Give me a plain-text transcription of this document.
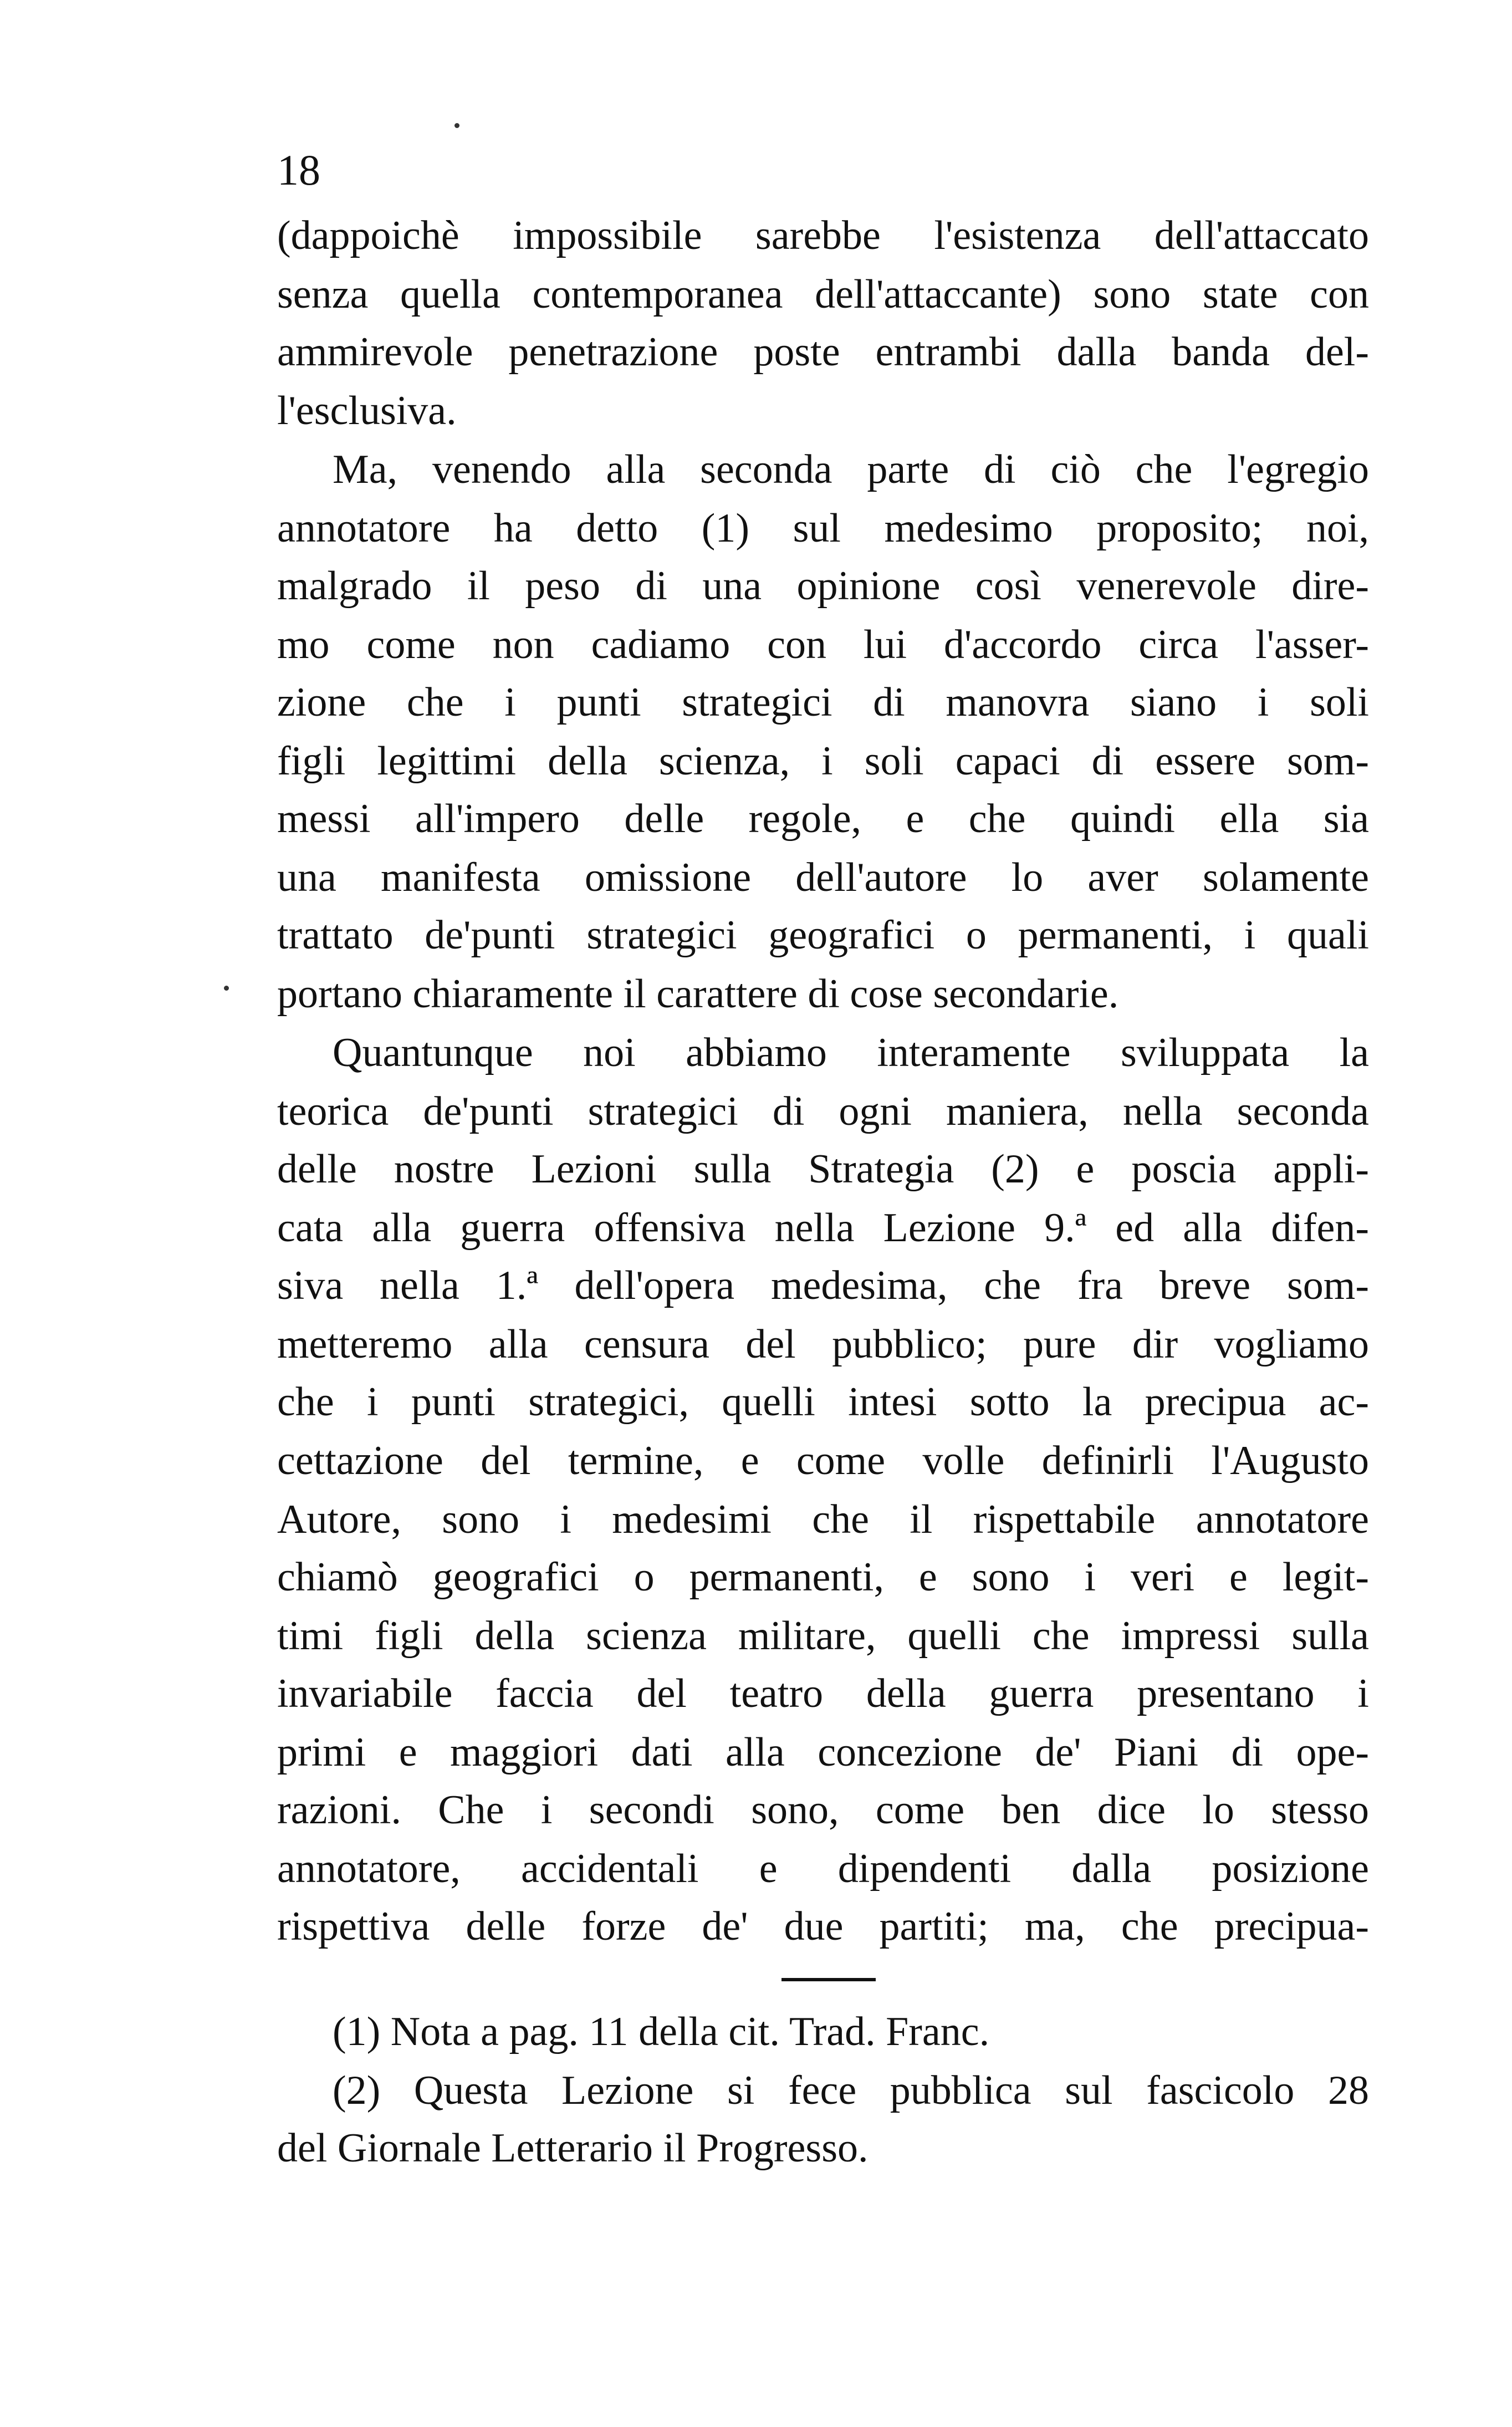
18
(dappoichè impossibile sarebbe l'esistenza dell'attaccato
senza quella contemporanea dell'attaccante) sono state con
ammirevole penetrazione poste entrambi dalla banda del-
l'esclusiva.
Ma, venendo alla seconda parte di ciò che l'egregio
annotatore ha detto (1) sul medesimo proposito; noi,
malgrado il peso di una opinione così venerevole dire-
mo come non cadiamo con lui d'accordo circa l'asser-
zione che i punti strategici di manovra siano i soli
figli legittimi della scienza, i soli capaci di essere som-
messi all'impero delle regole, e che quindi ella sia
una manifesta omissione dell'autore lo aver solamente
trattato de'punti strategici geografici o permanenti, i quali
portano chiaramente il carattere di cose secondarie.
Quantunque noi abbiamo interamente sviluppata la
teorica de'punti strategici di ogni maniera, nella seconda
delle nostre Lezioni sulla Strategia (2) e poscia appli-
cata alla guerra offensiva nella Lezione 9.ª ed alla difen-
siva nella 1.ª dell'opera medesima, che fra breve som-
metteremo alla censura del pubblico; pure dir vogliamo
che i punti strategici, quelli intesi sotto la precipua ac-
cettazione del termine, e come volle definirli l'Augusto
Autore, sono i medesimi che il rispettabile annotatore
chiamò geografici o permanenti, e sono i veri e legit-
timi figli della scienza militare, quelli che impressi sulla
invariabile faccia del teatro della guerra presentano i
primi e maggiori dati alla concezione de' Piani di ope-
razioni. Che i secondi sono, come ben dice lo stesso
annotatore, accidentali e dipendenti dalla posizione
rispettiva delle forze de' due partiti; ma, che precipua-
(1) Nota a pag. 11 della cit. Trad. Franc.
(2) Questa Lezione si fece pubblica sul fascicolo 28
del Giornale Letterario il Progresso.
